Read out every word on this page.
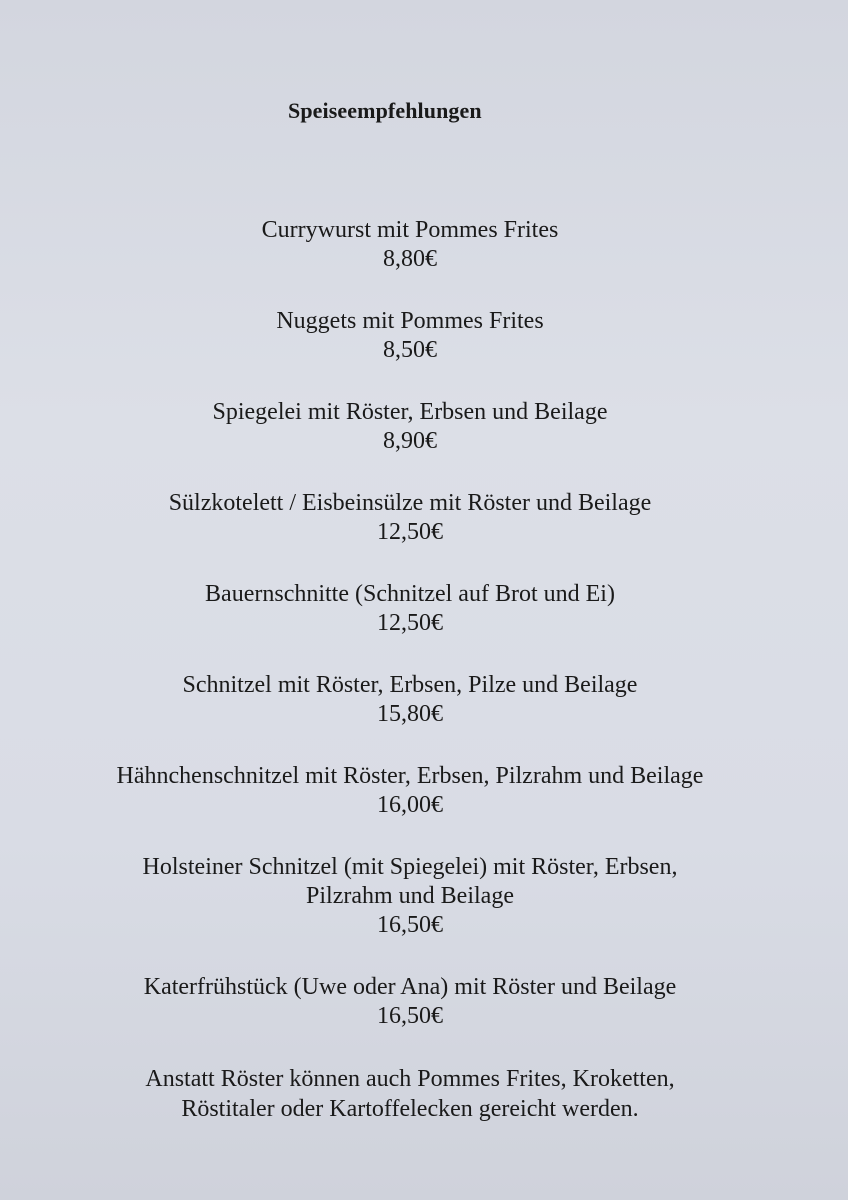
Speiseempfehlungen
Currywurst mit Pommes Frites
8,80€
Nuggets mit Pommes Frites
8,50€
Spiegelei mit Röster, Erbsen und Beilage
8,90€
Sülzkotelett / Eisbeinsülze mit Röster und Beilage
12,50€
Bauernschnitte (Schnitzel auf Brot und Ei)
12,50€
Schnitzel mit Röster, Erbsen, Pilze und Beilage
15,80€
Hähnchenschnitzel mit Röster, Erbsen, Pilzrahm und Beilage
16,00€
Holsteiner Schnitzel (mit Spiegelei) mit Röster, Erbsen,
Pilzrahm und Beilage
16,50€
Katerfrühstück (Uwe oder Ana) mit Röster und Beilage
16,50€
Anstatt Röster können auch Pommes Frites, Kroketten,
Röstitaler oder Kartoffelecken gereicht werden.
